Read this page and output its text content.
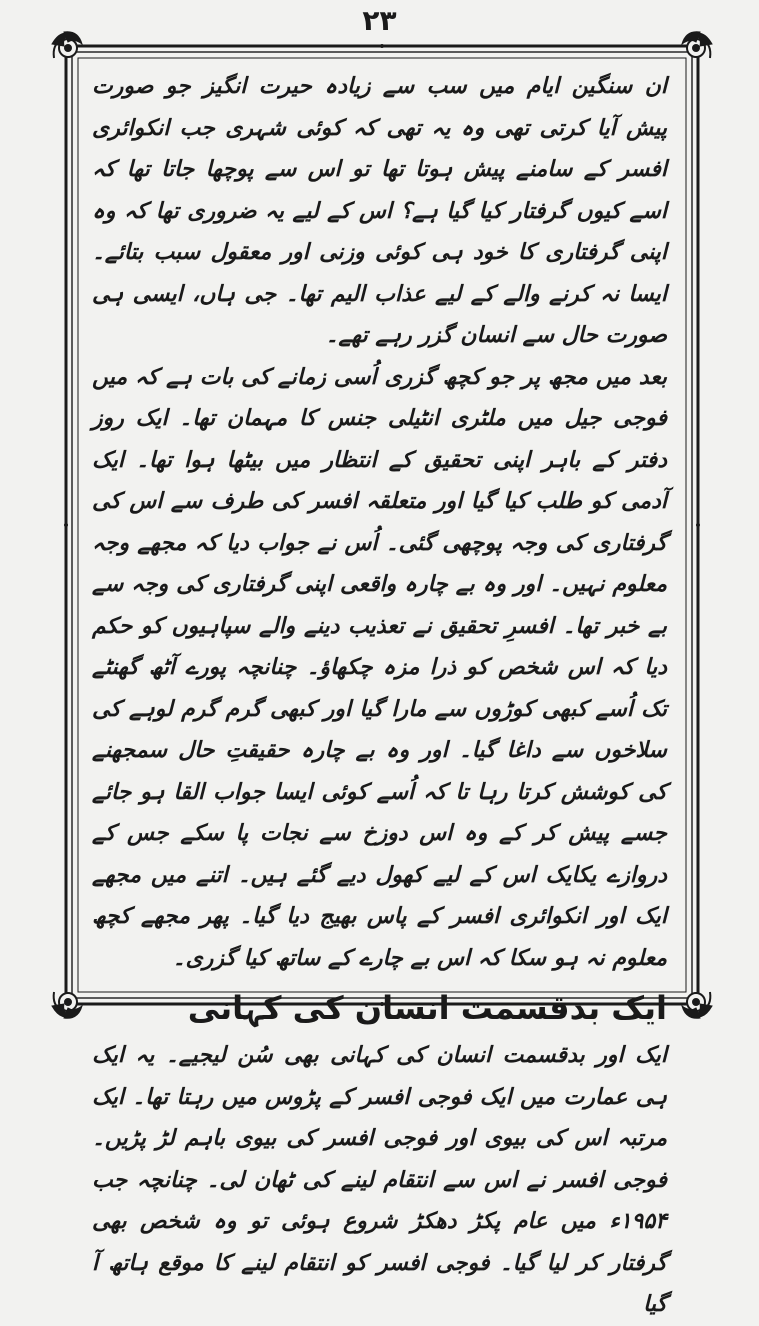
۲۳

ان سنگین ایام میں سب سے زیادہ حیرت انگیز جو صورت پیش آیا کرتی تھی وہ یہ تھی کہ کوئی شہری جب انکوائری افسر کے سامنے پیش ہوتا تھا تو اس سے پوچھا جاتا تھا کہ اسے کیوں گرفتار کیا گیا ہے؟ اس کے لیے یہ ضروری تھا کہ وہ اپنی گرفتاری کا خود ہی کوئی وزنی اور معقول سبب بتائے۔ ایسا نہ کرنے والے کے لیے عذاب الیم تھا۔ جی ہاں، ایسی ہی صورت حال سے انسان گزر رہے تھے۔

بعد میں مجھ پر جو کچھ گزری اُسی زمانے کی بات ہے کہ میں فوجی جیل میں ملٹری انٹیلی جنس کا مہمان تھا۔ ایک روز دفتر کے باہر اپنی تحقیق کے انتظار میں بیٹھا ہوا تھا۔ ایک آدمی کو طلب کیا گیا اور متعلقہ افسر کی طرف سے اس کی گرفتاری کی وجہ پوچھی گئی۔ اُس نے جواب دیا کہ مجھے وجہ معلوم نہیں۔ اور وہ بے چارہ واقعی اپنی گرفتاری کی وجہ سے بے خبر تھا۔ افسرِ تحقیق نے تعذیب دینے والے سپاہیوں کو حکم دیا کہ اس شخص کو ذرا مزہ چکھاؤ۔ چنانچہ پورے آٹھ گھنٹے تک اُسے کبھی کوڑوں سے مارا گیا اور کبھی گرم گرم لوہے کی سلاخوں سے داغا گیا۔ اور وہ بے چارہ حقیقتِ حال سمجھنے کی کوشش کرتا رہا تا کہ اُسے کوئی ایسا جواب القا ہو جائے جسے پیش کر کے وہ اس دوزخ سے نجات پا سکے جس کے دروازے یکایک اس کے لیے کھول دیے گئے ہیں۔ اتنے میں مجھے ایک اور انکوائری افسر کے پاس بھیج دیا گیا۔ پھر مجھے کچھ معلوم نہ ہو سکا کہ اس بے چارے کے ساتھ کیا گزری۔

ایک بدقسمت انسان کی کہانی

ایک اور بدقسمت انسان کی کہانی بھی سُن لیجیے۔ یہ ایک ہی عمارت میں ایک فوجی افسر کے پڑوس میں رہتا تھا۔ ایک مرتبہ اس کی بیوی اور فوجی افسر کی بیوی باہم لڑ پڑیں۔ فوجی افسر نے اس سے انتقام لینے کی ٹھان لی۔ چنانچہ جب ۱۹۵۴ء میں عام پکڑ دھکڑ شروع ہوئی تو وہ شخص بھی گرفتار کر لیا گیا۔ فوجی افسر کو انتقام لینے کا موقع ہاتھ آ گیا
